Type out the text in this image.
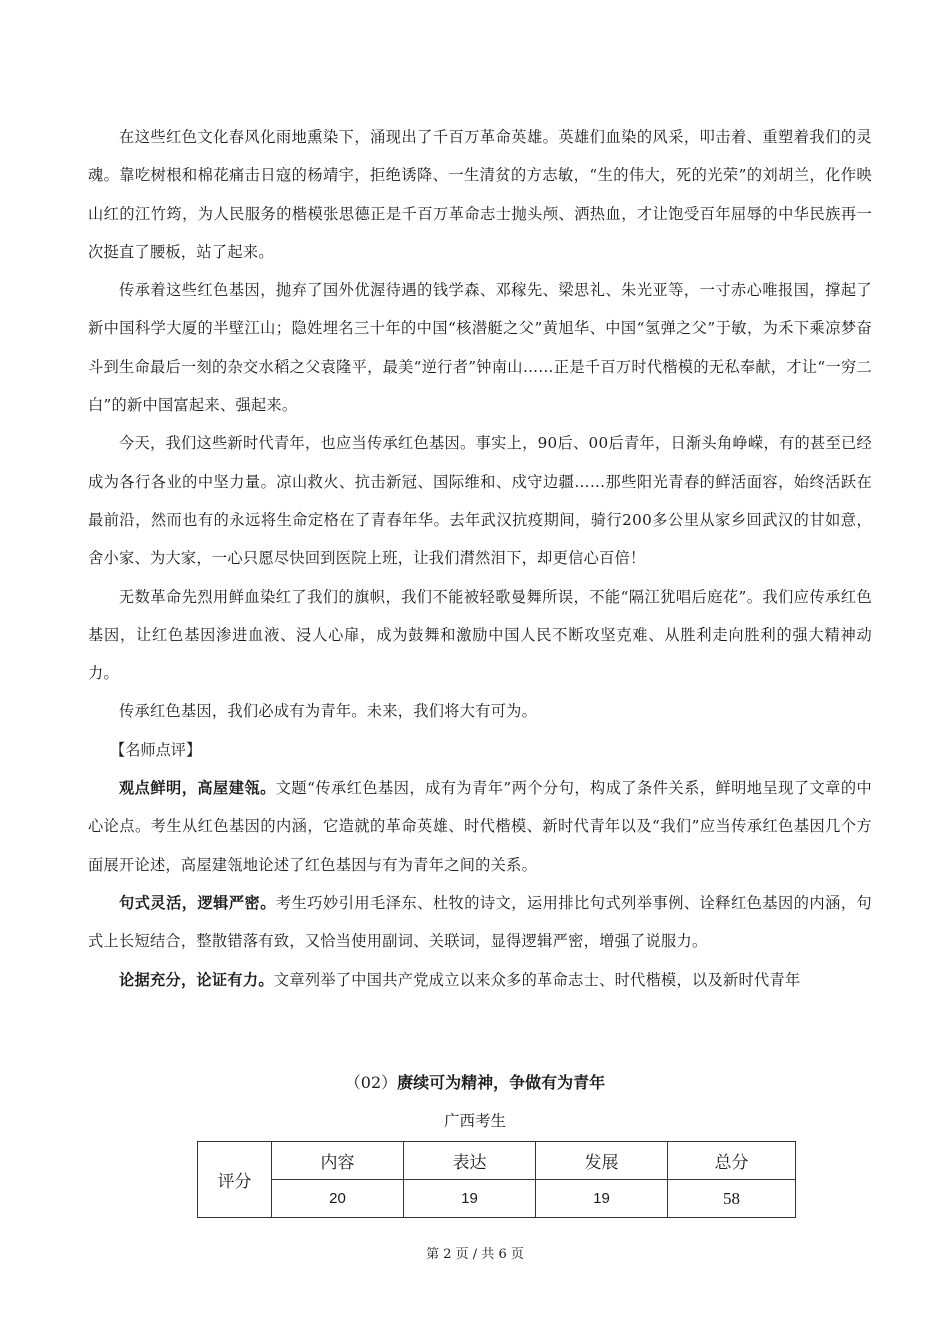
在这些红色文化春风化雨地熏染下，涌现出了千百万革命英雄。英雄们血染的风采，叩击着、重塑着我们的灵魂。靠吃树根和棉花痛击日寇的杨靖宇，拒绝诱降、一生清贫的方志敏，“生的伟大，死的光荣”的刘胡兰，化作映山红的江竹筠，为人民服务的楷模张思德正是千百万革命志士抛头颅、洒热血，才让饱受百年屈辱的中华民族再一次挺直了腰板，站了起来。

传承着这些红色基因，抛弃了国外优渥待遇的钱学森、邓稼先、梁思礼、朱光亚等，一寸赤心唯报国，撑起了新中国科学大厦的半壁江山；隐姓埋名三十年的中国“核潜艇之父”黄旭华、中国“氢弹之父”于敏，为禾下乘凉梦奋斗到生命最后一刻的杂交水稻之父袁隆平，最美“逆行者”钟南山……正是千百万时代楷模的无私奉献，才让“一穷二白”的新中国富起来、强起来。

今天，我们这些新时代青年，也应当传承红色基因。事实上，90后、00后青年，日渐头角峥嵘，有的甚至已经成为各行各业的中坚力量。凉山救火、抗击新冠、国际维和、戍守边疆……那些阳光青春的鲜活面容，始终活跃在最前沿，然而也有的永远将生命定格在了青春年华。去年武汉抗疫期间，骑行200多公里从家乡回武汉的甘如意，舍小家、为大家，一心只愿尽快回到医院上班，让我们潸然泪下，却更信心百倍！

无数革命先烈用鲜血染红了我们的旗帜，我们不能被轻歌曼舞所误，不能“隔江犹唱后庭花”。我们应传承红色基因，让红色基因渗进血液、浸人心扉，成为鼓舞和激励中国人民不断攻坚克难、从胜利走向胜利的强大精神动力。

传承红色基因，我们必成有为青年。未来，我们将大有可为。

【名师点评】

观点鲜明，高屋建瓴。文题“传承红色基因，成有为青年”两个分句，构成了条件关系，鲜明地呈现了文章的中心论点。考生从红色基因的内涵，它造就的革命英雄、时代楷模、新时代青年以及“我们”应当传承红色基因几个方面展开论述，高屋建瓴地论述了红色基因与有为青年之间的关系。

句式灵活，逻辑严密。考生巧妙引用毛泽东、杜牧的诗文，运用排比句式列举事例、诠释红色基因的内涵，句式上长短结合，整散错落有致，又恰当使用副词、关联词，显得逻辑严密，增强了说服力。

论据充分，论证有力。文章列举了中国共产党成立以来众多的革命志士、时代楷模，以及新时代青年

（02）赓续可为精神，争做有为青年
广西考生
评分	内容	表达	发展	总分
	20	19	19	58
第 2 页 / 共 6 页
